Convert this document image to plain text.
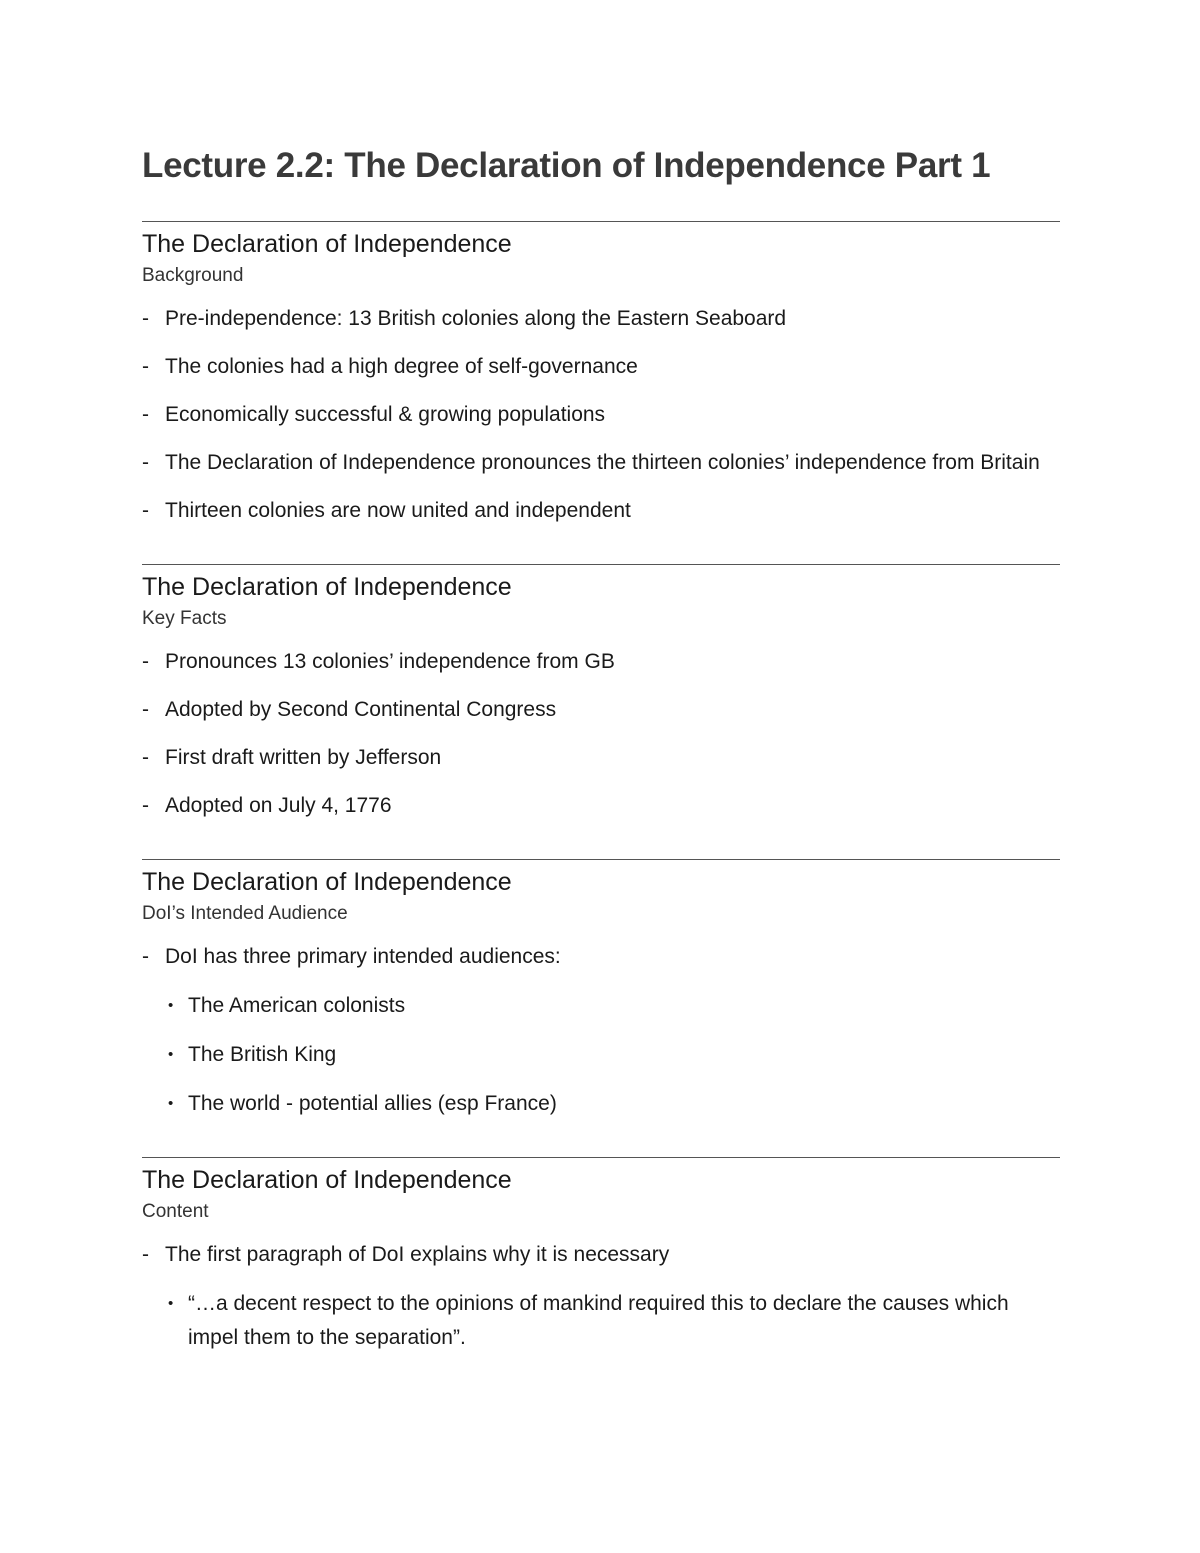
Lecture 2.2: The Declaration of Independence Part 1
The Declaration of Independence
Background
- Pre-independence: 13 British colonies along the Eastern Seaboard
- The colonies had a high degree of self-governance
- Economically successful & growing populations
- The Declaration of Independence pronounces the thirteen colonies’ independence from Britain
- Thirteen colonies are now united and independent
The Declaration of Independence
Key Facts
- Pronounces 13 colonies’ independence from GB
- Adopted by Second Continental Congress
- First draft written by Jefferson
- Adopted on July 4, 1776
The Declaration of Independence
DoI’s Intended Audience
- DoI has three primary intended audiences:
• The American colonists
• The British King
• The world - potential allies (esp France)
The Declaration of Independence
Content
- The first paragraph of DoI explains why it is necessary
• “…a decent respect to the opinions of mankind required this to declare the causes which impel them to the separation”.
